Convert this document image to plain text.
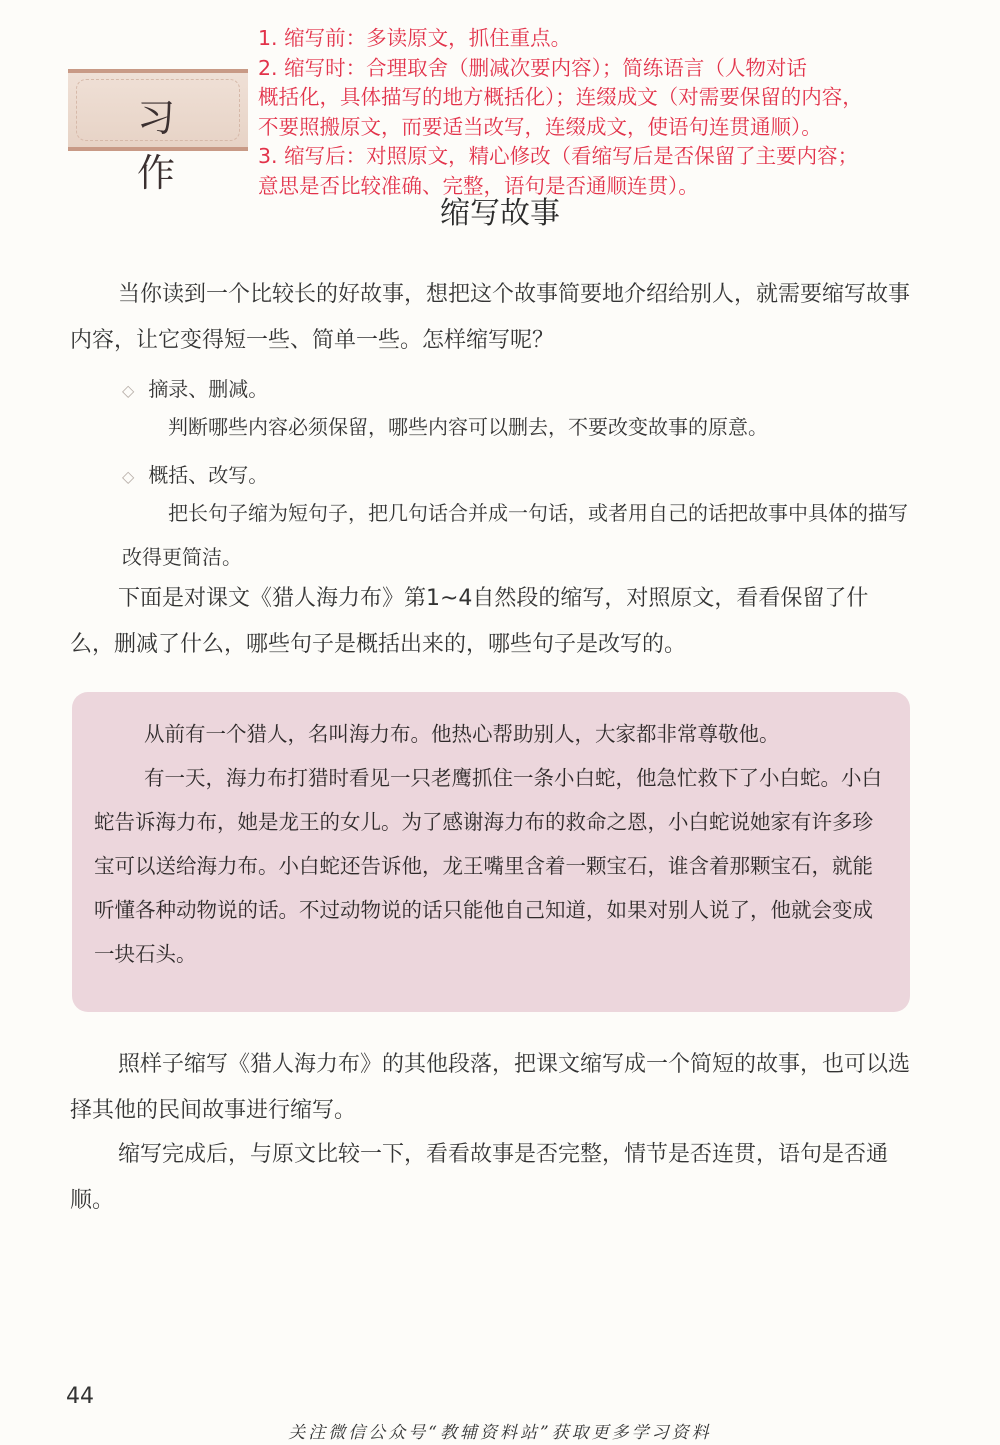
习 作
1. 缩写前：多读原文，抓住重点。
2. 缩写时：合理取舍（删减次要内容）；简练语言（人物对话
概括化，具体描写的地方概括化）；连缀成文（对需要保留的内容，
不要照搬原文，而要适当改写，连缀成文，使语句连贯通顺）。
3. 缩写后：对照原文，精心修改（看缩写后是否保留了主要内容；
意思是否比较准确、完整，语句是否通顺连贯）。
缩写故事
当你读到一个比较长的好故事，想把这个故事简要地介绍给别人，就需要缩写故事内容，让它变得短一些、简单一些。怎样缩写呢？
◇ 摘录、删减。
判断哪些内容必须保留，哪些内容可以删去，不要改变故事的原意。
◇ 概括、改写。
把长句子缩为短句子，把几句话合并成一句话，或者用自己的话把故事中具体的描写改得更简洁。
下面是对课文《猎人海力布》第1~4自然段的缩写，对照原文，看看保留了什么，删减了什么，哪些句子是概括出来的，哪些句子是改写的。

从前有一个猎人，名叫海力布。他热心帮助别人，大家都非常尊敬他。

有一天，海力布打猎时看见一只老鹰抓住一条小白蛇，他急忙救下了小白蛇。小白蛇告诉海力布，她是龙王的女儿。为了感谢海力布的救命之恩，小白蛇说她家有许多珍宝可以送给海力布。小白蛇还告诉他，龙王嘴里含着一颗宝石，谁含着那颗宝石，就能听懂各种动物说的话。不过动物说的话只能他自己知道，如果对别人说了，他就会变成一块石头。

照样子缩写《猎人海力布》的其他段落，把课文缩写成一个简短的故事，也可以选择其他的民间故事进行缩写。
缩写完成后，与原文比较一下，看看故事是否完整，情节是否连贯，语句是否通顺。
44
关注微信公众号“教辅资料站”获取更多学习资料
